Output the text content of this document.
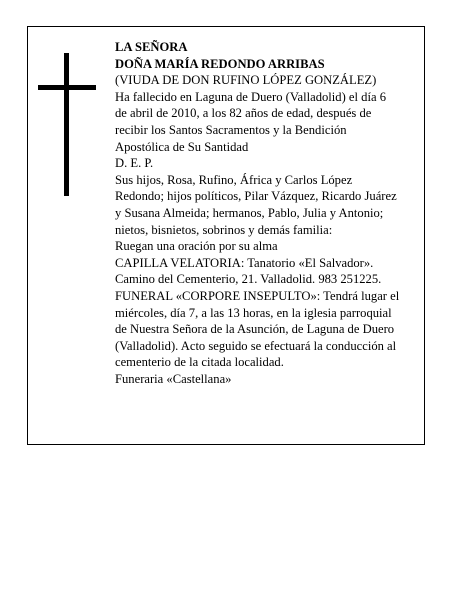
LA SEÑORA
DOÑA MARÍA REDONDO ARRIBAS
(VIUDA DE DON RUFINO LÓPEZ GONZÁLEZ)
Ha fallecido en Laguna de Duero (Valladolid) el día 6
de abril de 2010, a los 82 años de edad, después de
recibir los Santos Sacramentos y la Bendición
Apostólica de Su Santidad
D. E. P.
Sus hijos, Rosa, Rufino, África y Carlos López
Redondo; hijos políticos, Pilar Vázquez, Ricardo Juárez
y Susana Almeida; hermanos, Pablo, Julia y Antonio;
nietos, bisnietos, sobrinos y demás familia:
Ruegan una oración por su alma
CAPILLA VELATORIA: Tanatorio «El Salvador».
Camino del Cementerio, 21. Valladolid. 983 251225.
FUNERAL «CORPORE INSEPULTO»: Tendrá lugar el
miércoles, día 7, a las 13 horas, en la iglesia parroquial
de Nuestra Señora de la Asunción, de Laguna de Duero
(Valladolid). Acto seguido se efectuará la conducción al
cementerio de la citada localidad.
Funeraria «Castellana»
